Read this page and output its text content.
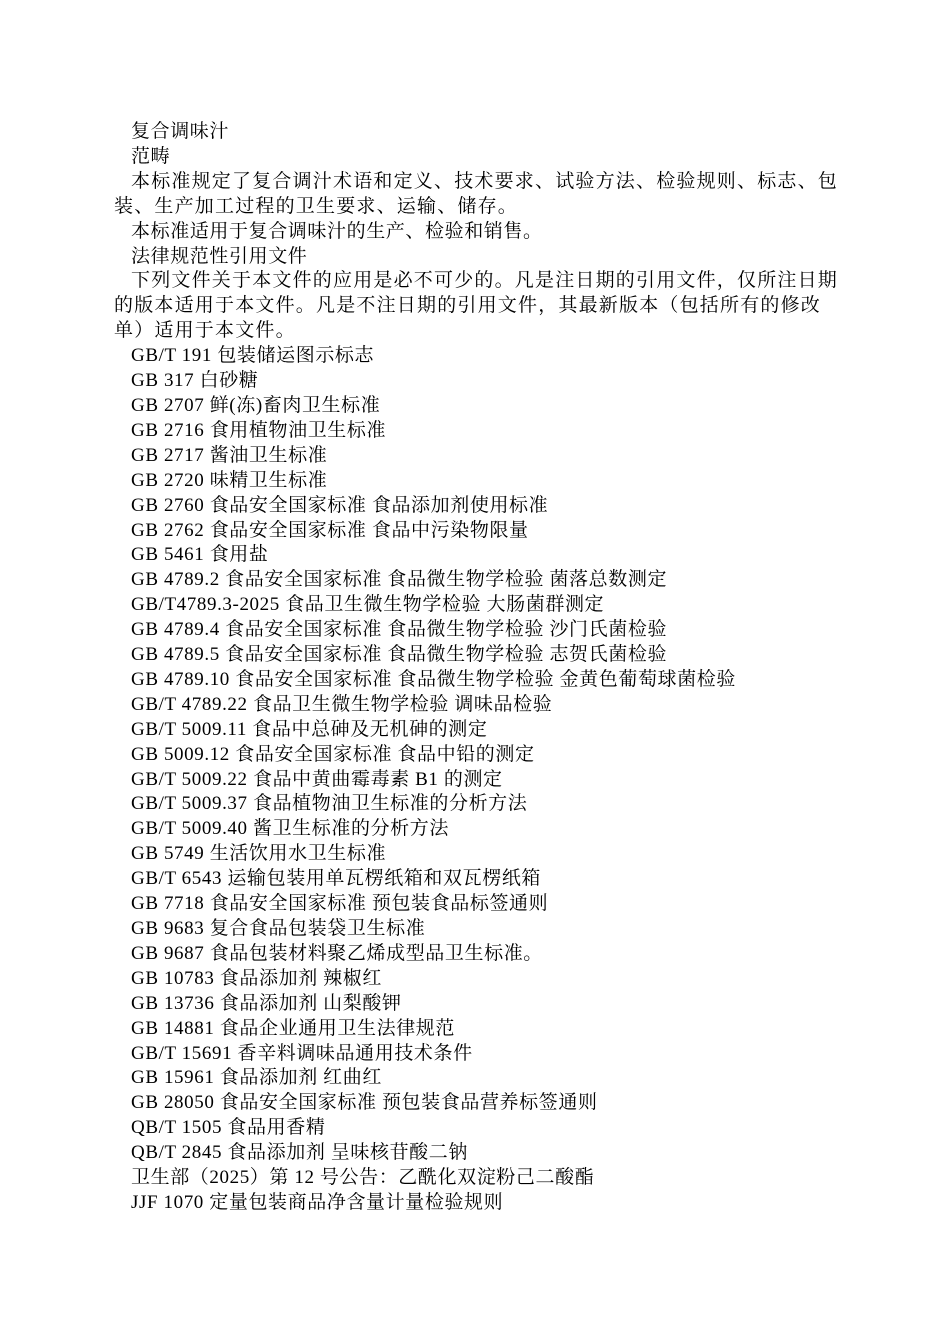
复合调味汁
范畴
本标准规定了复合调汁术语和定义、技术要求、试验方法、检验规则、标志、包装、生产加工过程的卫生要求、运输、储存。
本标准适用于复合调味汁的生产、检验和销售。
法律规范性引用文件
下列文件关于本文件的应用是必不可少的。凡是注日期的引用文件，仅所注日期的版本适用于本文件。凡是不注日期的引用文件，其最新版本（包括所有的修改单）适用于本文件。
GB/T 191 包装储运图示标志
GB 317 白砂糖
GB 2707 鲜(冻)畜肉卫生标准
GB 2716 食用植物油卫生标准
GB 2717 酱油卫生标准
GB 2720 味精卫生标准
GB 2760 食品安全国家标准 食品添加剂使用标准
GB 2762 食品安全国家标准 食品中污染物限量
GB 5461 食用盐
GB 4789.2 食品安全国家标准 食品微生物学检验 菌落总数测定
GB/T4789.3-2025 食品卫生微生物学检验 大肠菌群测定
GB 4789.4 食品安全国家标准 食品微生物学检验 沙门氏菌检验
GB 4789.5 食品安全国家标准 食品微生物学检验 志贺氏菌检验
GB 4789.10 食品安全国家标准 食品微生物学检验 金黄色葡萄球菌检验
GB/T 4789.22 食品卫生微生物学检验 调味品检验
GB/T 5009.11 食品中总砷及无机砷的测定
GB 5009.12 食品安全国家标准 食品中铅的测定
GB/T 5009.22 食品中黄曲霉毒素 B1 的测定
GB/T 5009.37 食品植物油卫生标准的分析方法
GB/T 5009.40 酱卫生标准的分析方法
GB 5749 生活饮用水卫生标准
GB/T 6543 运输包装用单瓦楞纸箱和双瓦楞纸箱
GB 7718 食品安全国家标准 预包装食品标签通则
GB 9683 复合食品包装袋卫生标准
GB 9687 食品包装材料聚乙烯成型品卫生标准。
GB 10783 食品添加剂 辣椒红
GB 13736 食品添加剂 山梨酸钾
GB 14881 食品企业通用卫生法律规范
GB/T 15691 香辛料调味品通用技术条件
GB 15961 食品添加剂 红曲红
GB 28050 食品安全国家标准 预包装食品营养标签通则
QB/T 1505 食品用香精
QB/T 2845 食品添加剂 呈味核苷酸二钠
卫生部（2025）第 12 号公告：乙酰化双淀粉己二酸酯
JJF 1070 定量包装商品净含量计量检验规则
